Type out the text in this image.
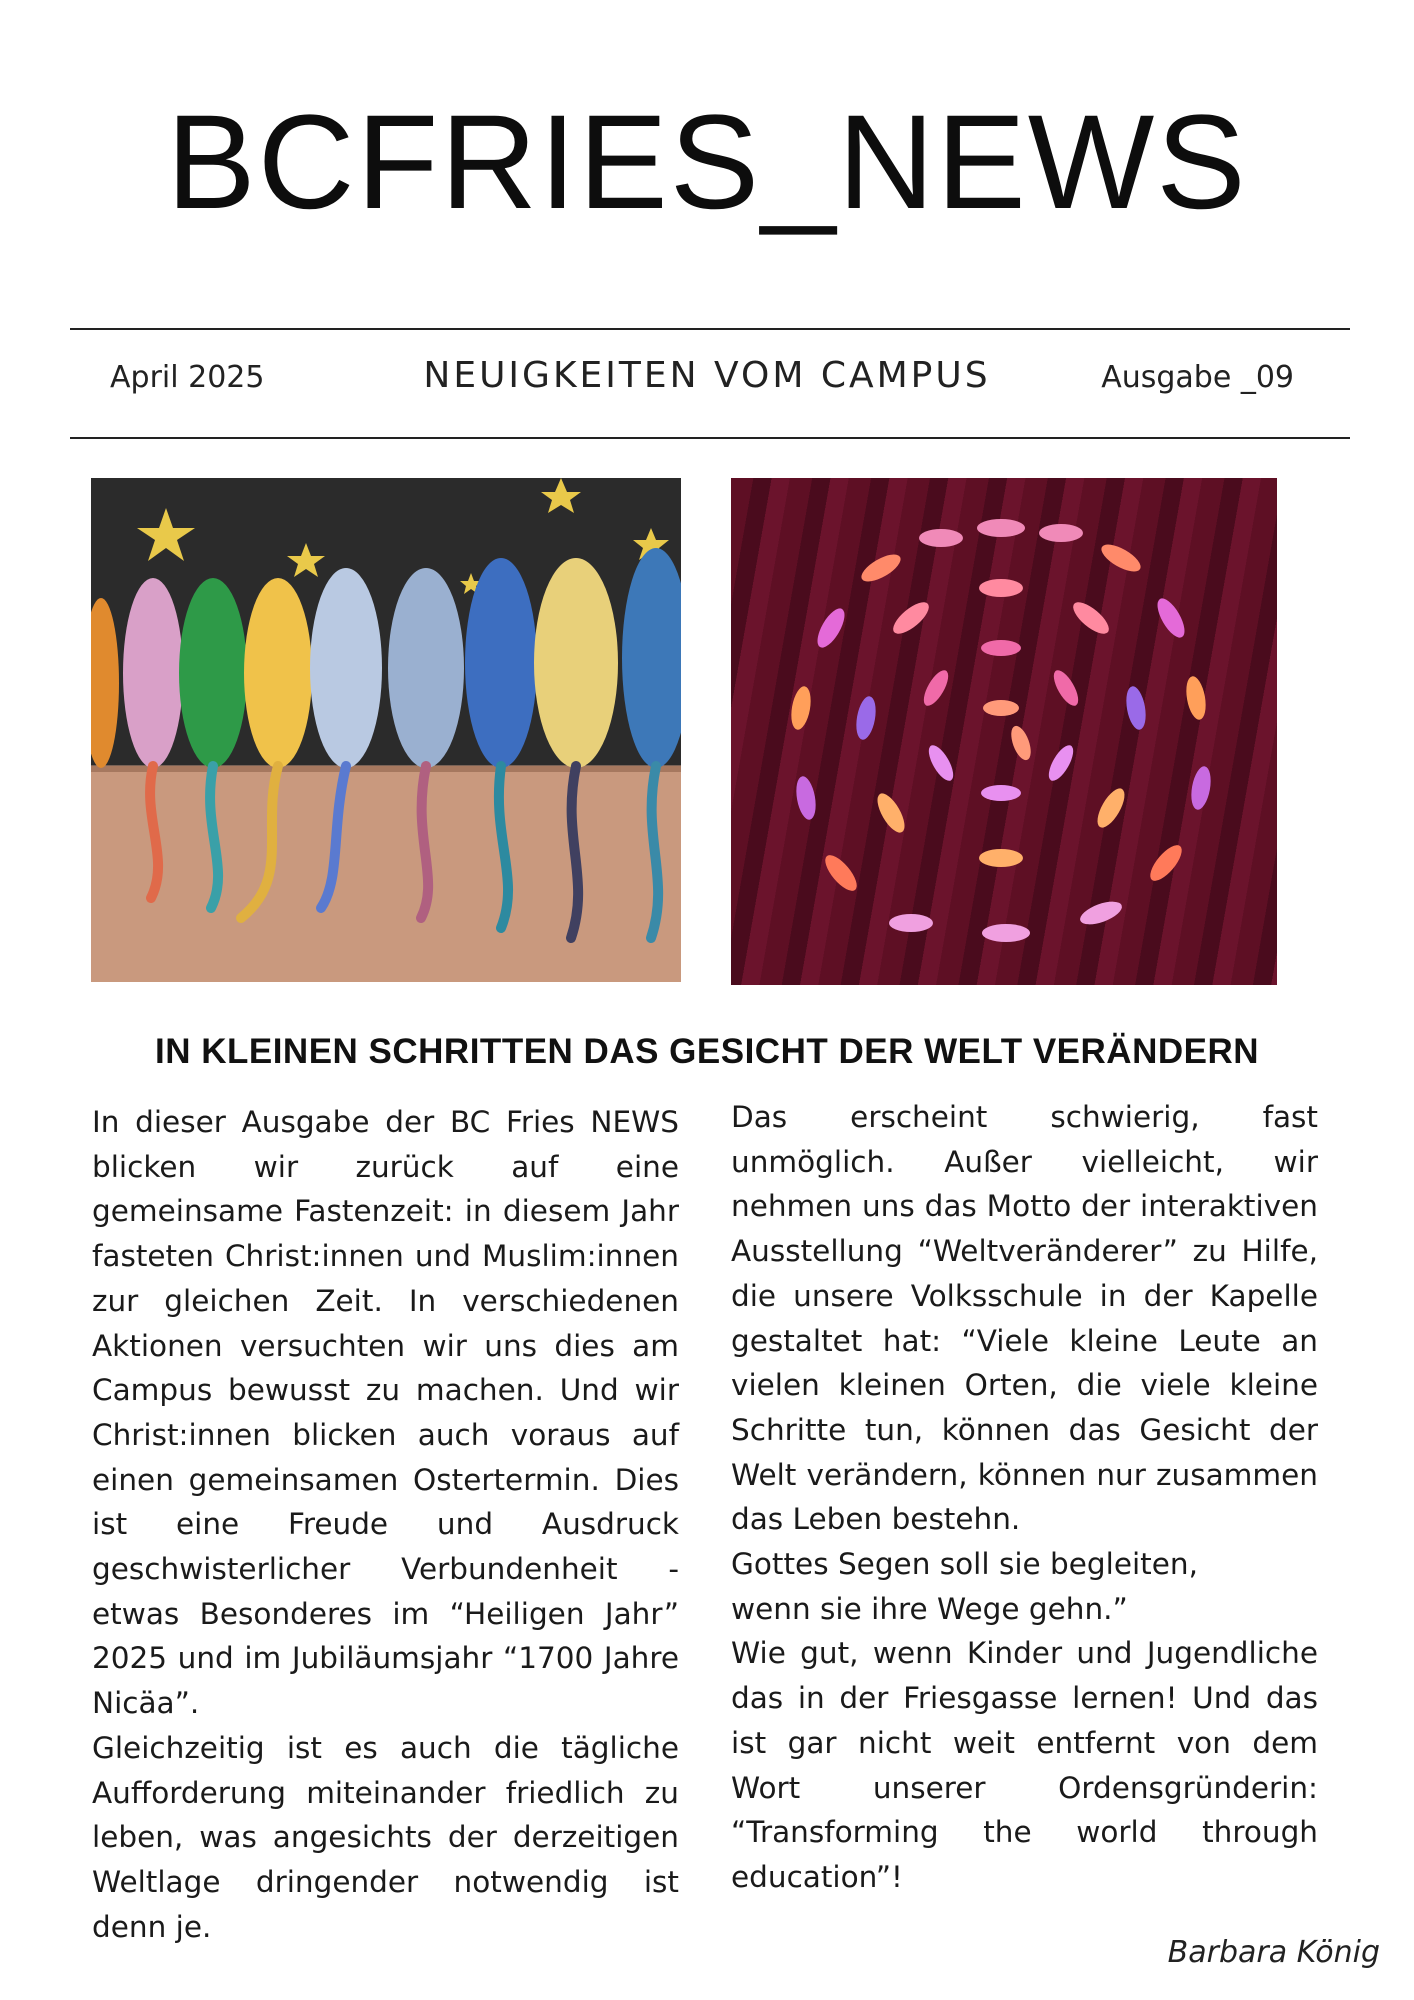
BCFRIES_NEWS
April 2025	NEUIGKEITEN VOM CAMPUS	Ausgabe _09
IN KLEINEN SCHRITTEN DAS GESICHT DER WELT VERÄNDERN

In dieser Ausgabe der BC Fries NEWS blicken wir zurück auf eine gemeinsame Fastenzeit: in diesem Jahr fasteten Christ:innen und Muslim:innen zur gleichen Zeit. In verschiedenen Aktionen versuchten wir uns dies am Campus bewusst zu machen. Und wir Christ:innen blicken auch voraus auf einen gemeinsamen Ostertermin. Dies ist eine Freude und Ausdruck geschwisterlicher Verbundenheit - etwas Besonderes im “Heiligen Jahr” 2025 und im Jubiläumsjahr “1700 Jahre Nicäa”.

Gleichzeitig ist es auch die tägliche Aufforderung miteinander friedlich zu leben, was angesichts der derzeitigen Weltlage dringender notwendig ist denn je.

Das erscheint schwierig, fast unmöglich. Außer vielleicht, wir nehmen uns das Motto der interaktiven Ausstellung “Weltveränderer” zu Hilfe, die unsere Volksschule in der Kapelle gestaltet hat: “Viele kleine Leute an vielen kleinen Orten, die viele kleine Schritte tun, können das Gesicht der Welt verändern, können nur zusammen das Leben bestehn.

Gottes Segen soll sie begleiten,

wenn sie ihre Wege gehn.”

Wie gut, wenn Kinder und Jugendliche das in der Friesgasse lernen! Und das ist gar nicht weit entfernt von dem Wort unserer Ordensgründerin: “Transforming the world through education”!

Barbara König
